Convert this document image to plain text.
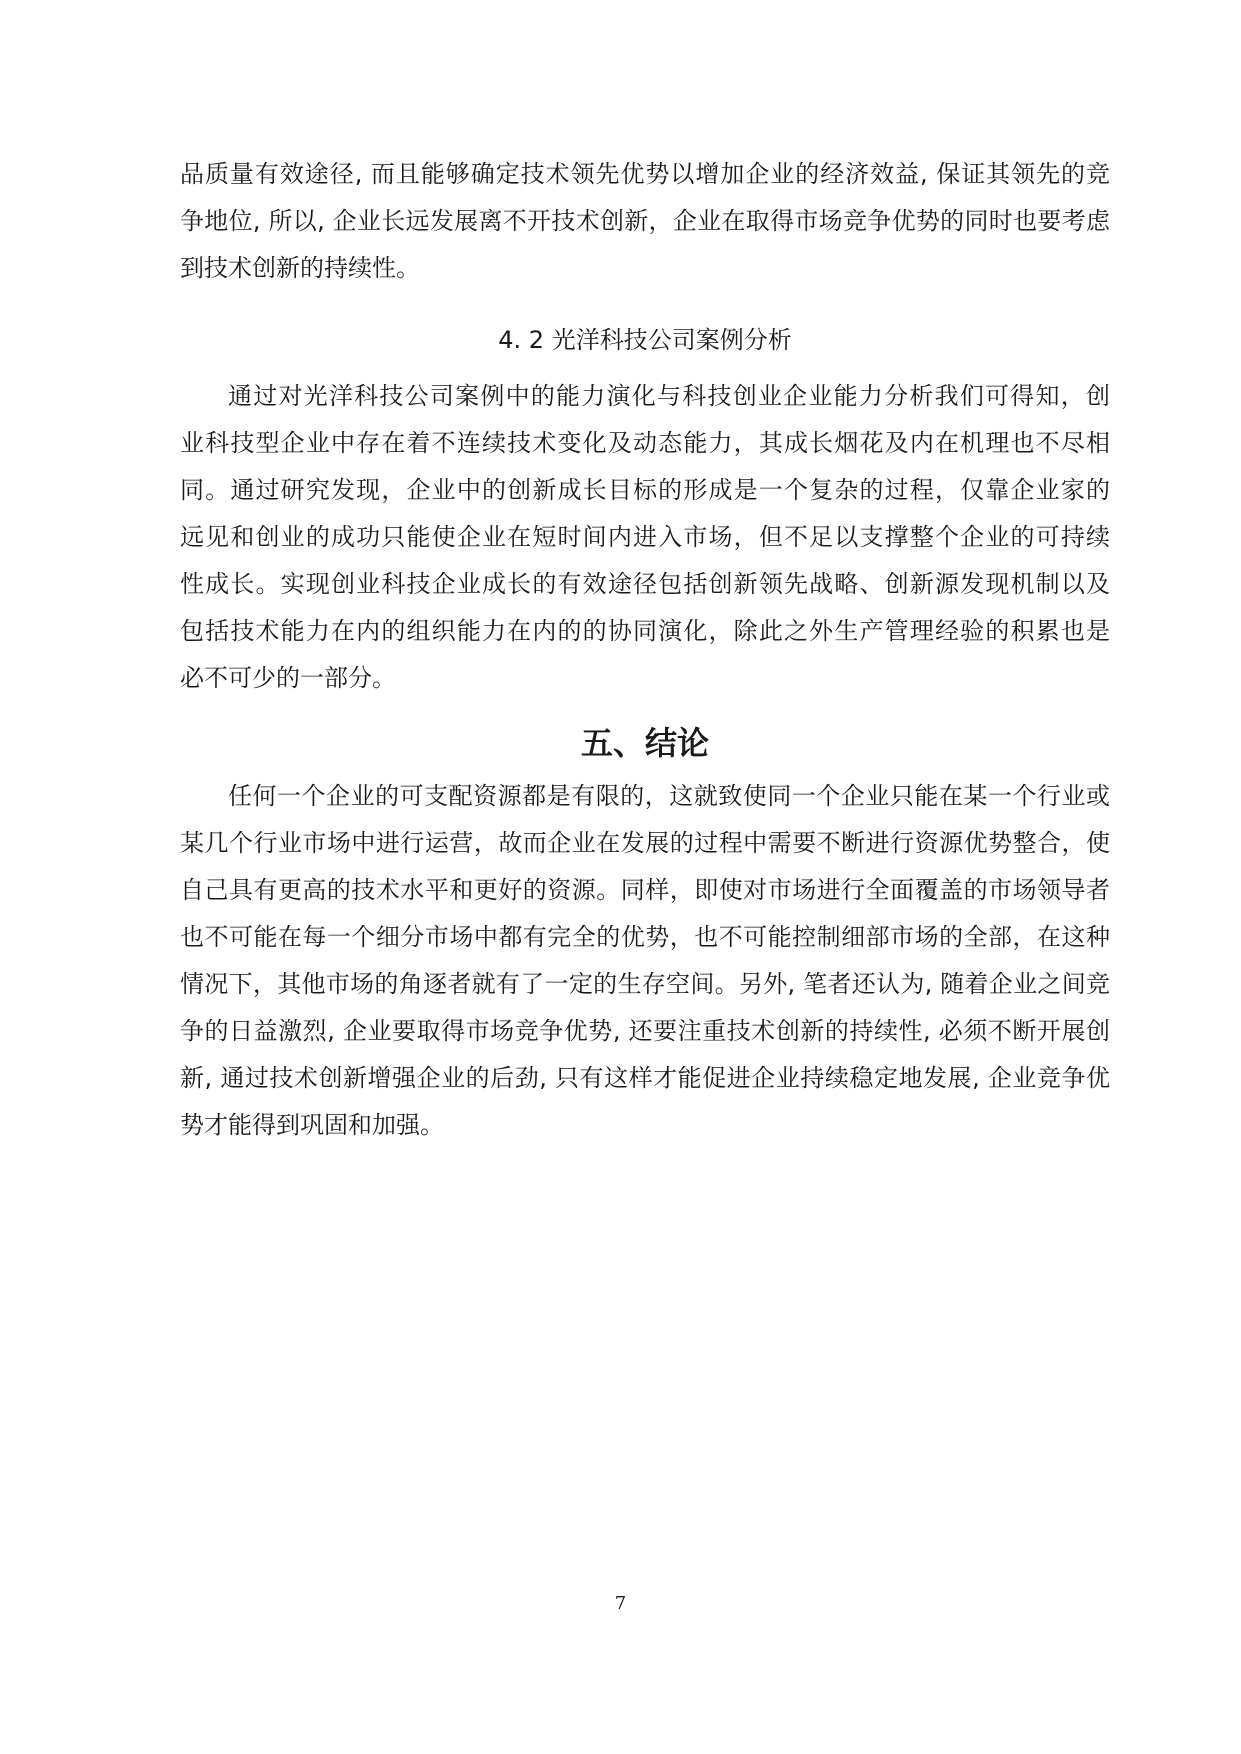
品质量有效途径, 而且能够确定技术领先优势以增加企业的经济效益, 保证其领先的竞
争地位, 所以, 企业长远发展离不开技术创新，企业在取得市场竞争优势的同时也要考虑
到技术创新的持续性。
4. 2 光洋科技公司案例分析
通过对光洋科技公司案例中的能力演化与科技创业企业能力分析我们可得知，创
业科技型企业中存在着不连续技术变化及动态能力，其成长烟花及内在机理也不尽相
同。通过研究发现，企业中的创新成长目标的形成是一个复杂的过程，仅靠企业家的
远见和创业的成功只能使企业在短时间内进入市场，但不足以支撑整个企业的可持续
性成长。实现创业科技企业成长的有效途径包括创新领先战略、创新源发现机制以及
包括技术能力在内的组织能力在内的的协同演化，除此之外生产管理经验的积累也是
必不可少的一部分。
五、结论
任何一个企业的可支配资源都是有限的，这就致使同一个企业只能在某一个行业或
某几个行业市场中进行运营，故而企业在发展的过程中需要不断进行资源优势整合，使
自己具有更高的技术水平和更好的资源。同样，即使对市场进行全面覆盖的市场领导者
也不可能在每一个细分市场中都有完全的优势，也不可能控制细部市场的全部，在这种
情况下，其他市场的角逐者就有了一定的生存空间。另外, 笔者还认为, 随着企业之间竞
争的日益激烈, 企业要取得市场竞争优势, 还要注重技术创新的持续性, 必须不断开展创
新, 通过技术创新增强企业的后劲, 只有这样才能促进企业持续稳定地发展, 企业竞争优
势才能得到巩固和加强。
7
